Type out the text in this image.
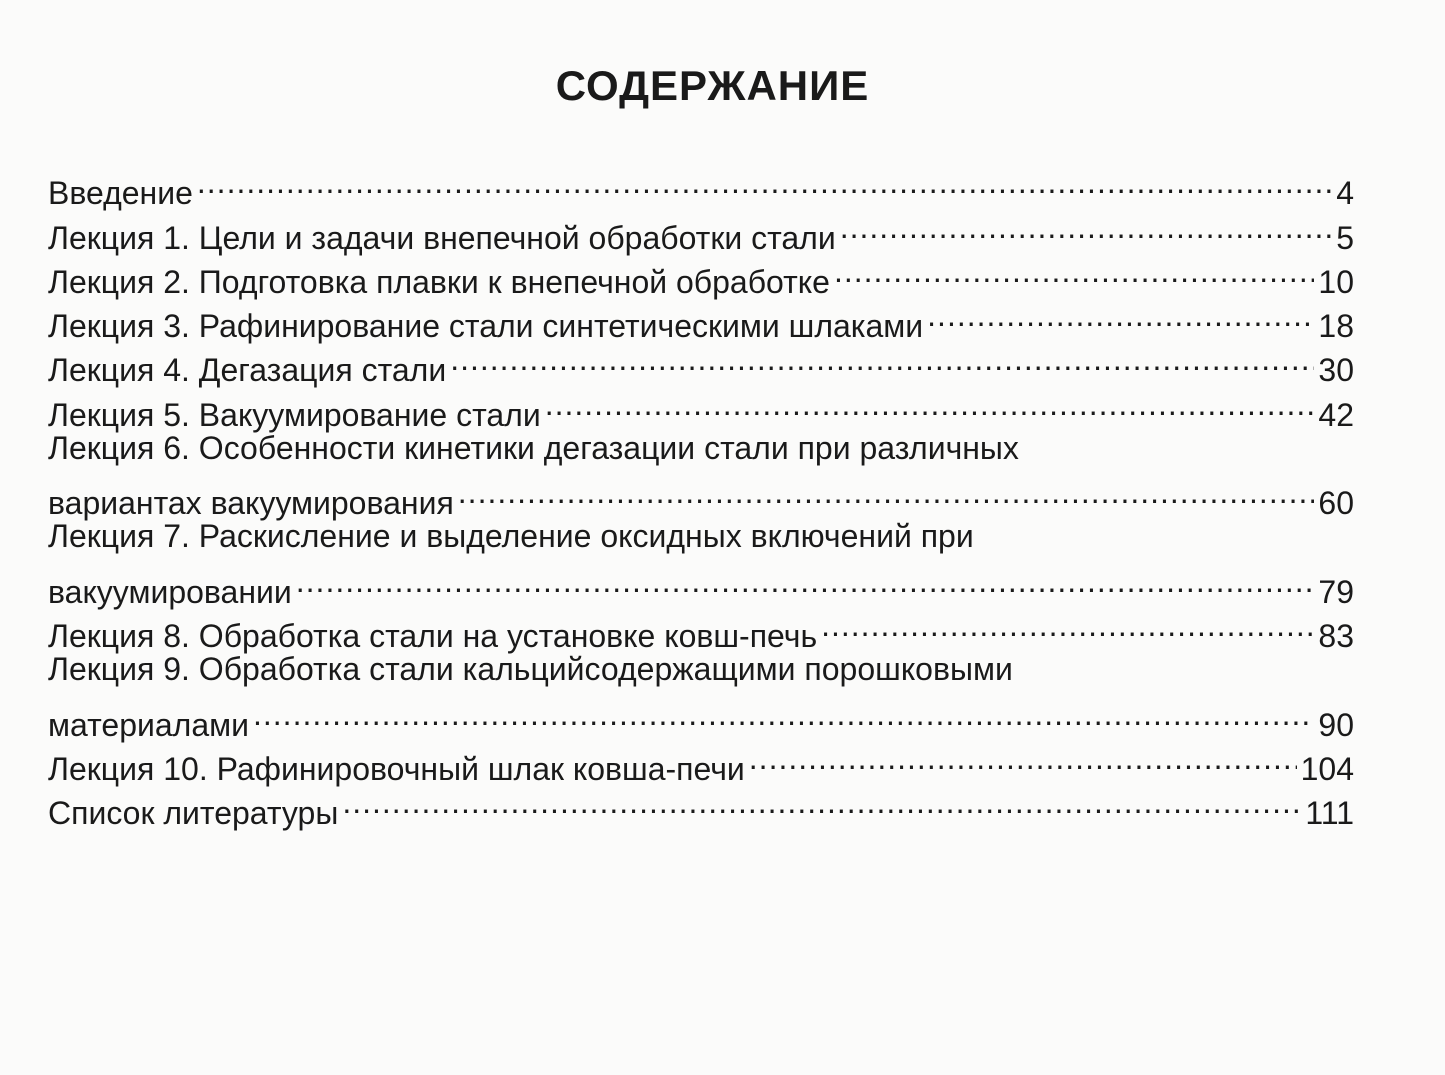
СОДЕРЖАНИЕ
Введение .....	4
Лекция 1. Цели и задачи внепечной обработки стали .....	5
Лекция 2. Подготовка плавки к внепечной обработке .....	10
Лекция 3. Рафинирование стали синтетическими шлаками .....	18
Лекция 4. Дегазация стали .....	30
Лекция 5. Вакуумирование стали .....	42
Лекция 6. Особенности кинетики дегазации стали при различных
вариантах вакуумирования .....	60
Лекция 7. Раскисление и выделение оксидных включений при
вакуумировании .....	79
Лекция 8. Обработка стали на установке ковш-печь .....	83
Лекция 9. Обработка стали кальцийсодержащими порошковыми
материалами .....	90
Лекция 10. Рафинировочный шлак ковша-печи .....	104
Список литературы .....	111
